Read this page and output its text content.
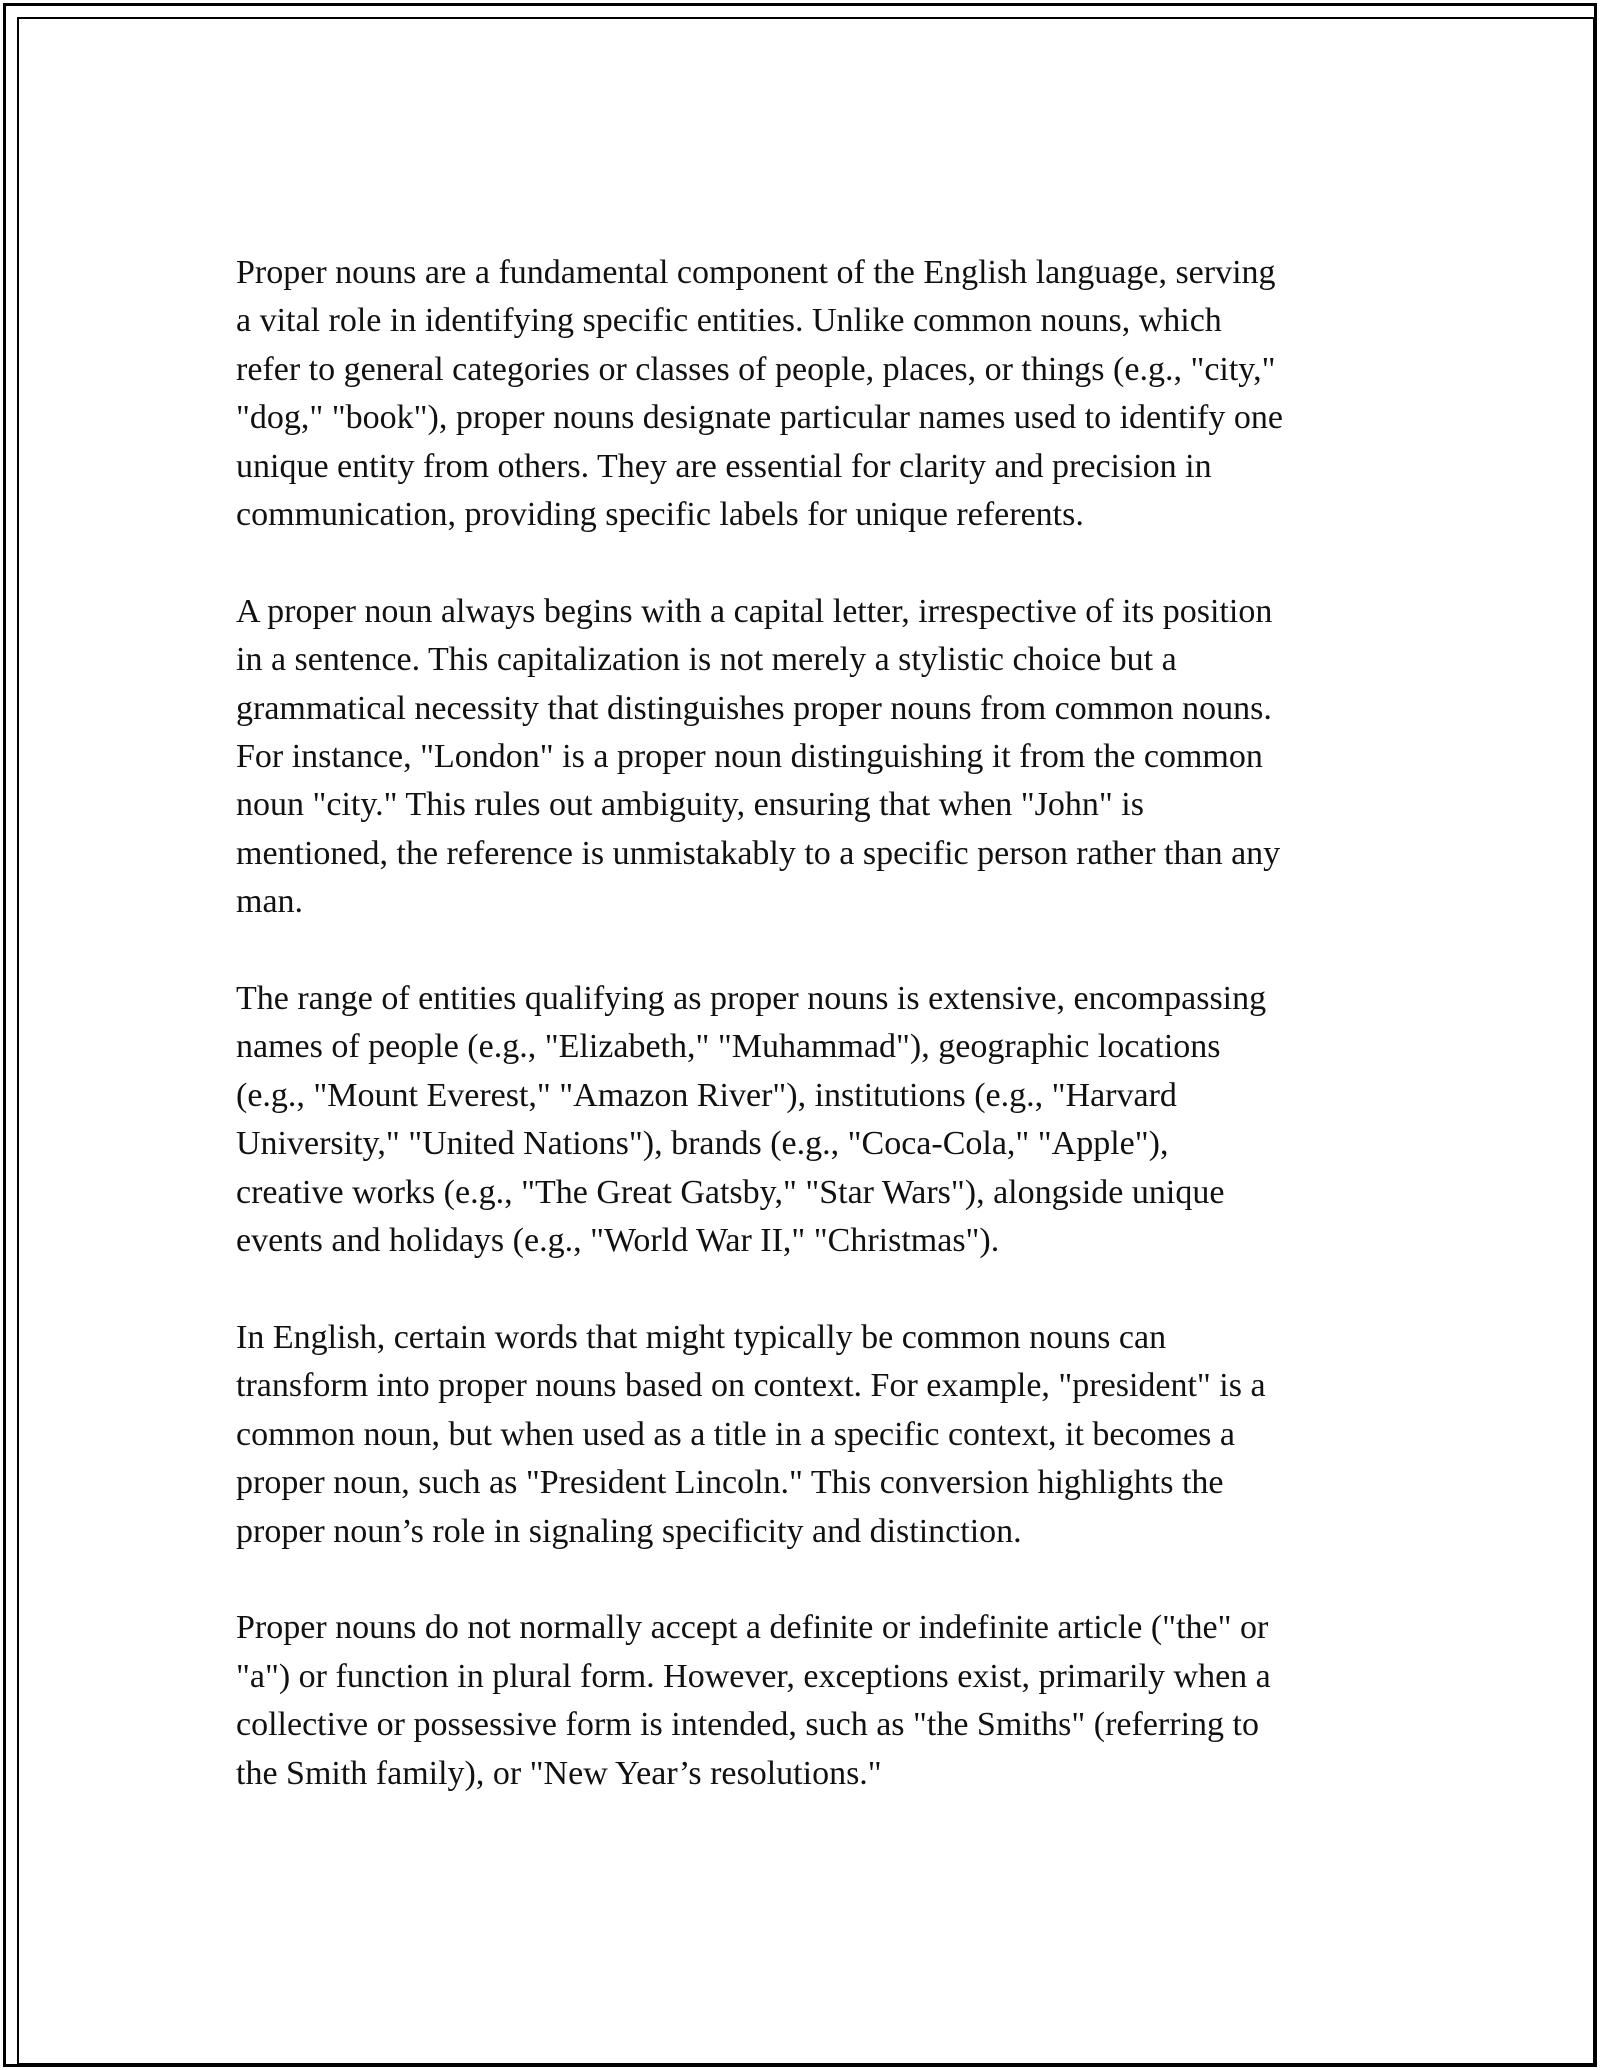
Proper nouns are a fundamental component of the English language, serving
a vital role in identifying specific entities. Unlike common nouns, which
refer to general categories or classes of people, places, or things (e.g., "city,"
"dog," "book"), proper nouns designate particular names used to identify one
unique entity from others. They are essential for clarity and precision in
communication, providing specific labels for unique referents.

A proper noun always begins with a capital letter, irrespective of its position
in a sentence. This capitalization is not merely a stylistic choice but a
grammatical necessity that distinguishes proper nouns from common nouns.
For instance, "London" is a proper noun distinguishing it from the common
noun "city." This rules out ambiguity, ensuring that when "John" is
mentioned, the reference is unmistakably to a specific person rather than any
man.

The range of entities qualifying as proper nouns is extensive, encompassing
names of people (e.g., "Elizabeth," "Muhammad"), geographic locations
(e.g., "Mount Everest," "Amazon River"), institutions (e.g., "Harvard
University," "United Nations"), brands (e.g., "Coca-Cola," "Apple"),
creative works (e.g., "The Great Gatsby," "Star Wars"), alongside unique
events and holidays (e.g., "World War II," "Christmas").

In English, certain words that might typically be common nouns can
transform into proper nouns based on context. For example, "president" is a
common noun, but when used as a title in a specific context, it becomes a
proper noun, such as "President Lincoln." This conversion highlights the
proper noun’s role in signaling specificity and distinction.

Proper nouns do not normally accept a definite or indefinite article ("the" or
"a") or function in plural form. However, exceptions exist, primarily when a
collective or possessive form is intended, such as "the Smiths" (referring to
the Smith family), or "New Year’s resolutions."
